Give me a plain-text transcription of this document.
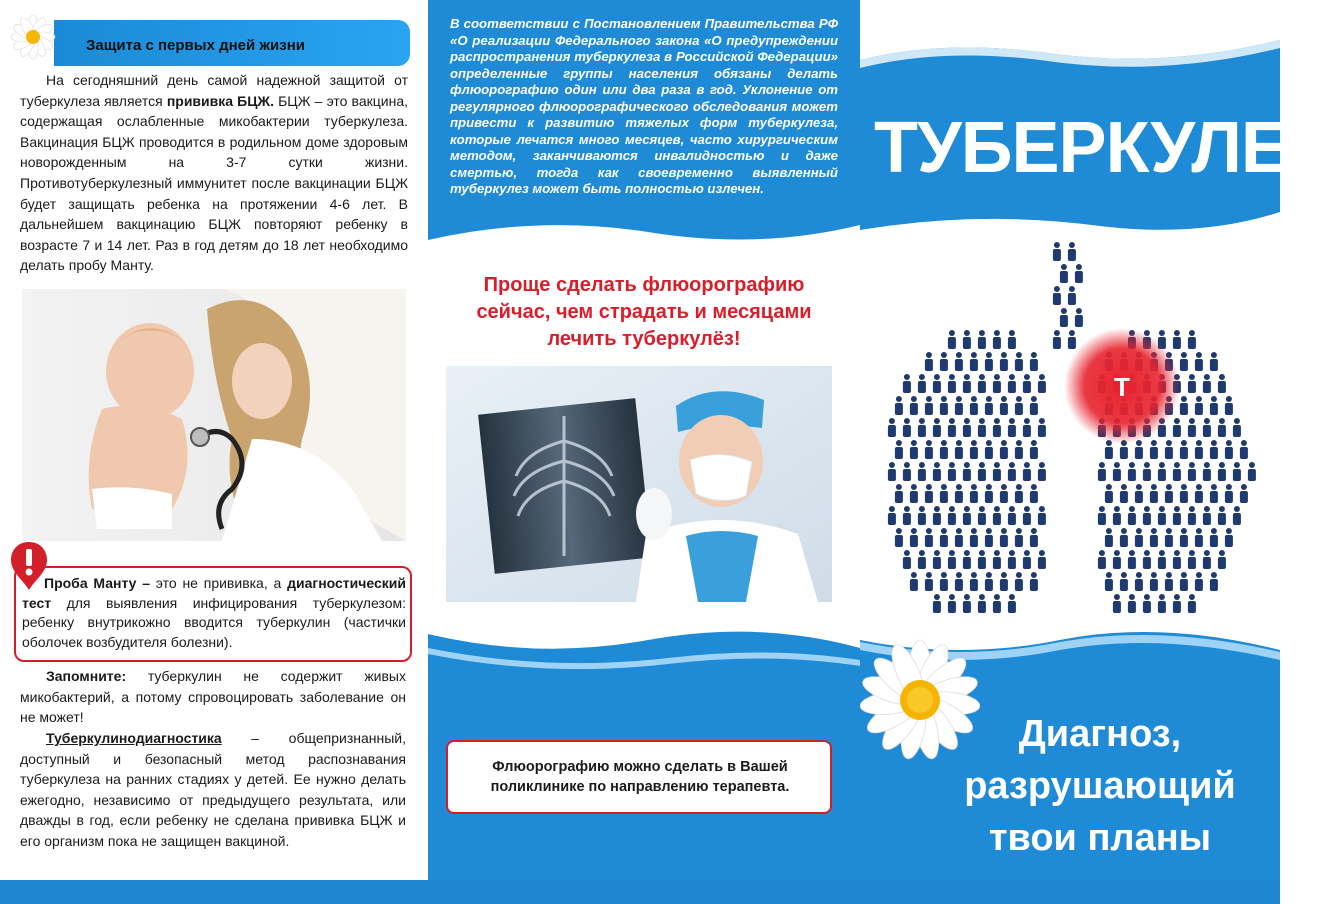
Защита с первых дней жизни
На сегодняшний день самой надежной защитой от туберкулеза является прививка БЦЖ. БЦЖ – это вакцина, содержащая ослабленные микобактерии туберкулеза. Вакцинация БЦЖ проводится в родильном доме здоровым новорожденным на 3-7 сутки жизни. Противотуберкулезный иммунитет после вакцинации БЦЖ будет защищать ребенка на протяжении 4-6 лет. В дальнейшем вакцинацию БЦЖ повторяют ребенку в возрасте 7 и 14 лет. Раз в год детям до 18 лет необходимо делать пробу Манту.
Проба Манту – это не прививка, а диагностический тест для выявления инфицирования туберкулезом: ребенку внутрикожно вводится туберкулин (частички оболочек возбудителя болезни).
Запомните: туберкулин не содержит живых микобактерий, а потому спровоцировать заболевание он не может!
Туберкулинодиагностика – общепризнанный, доступный и безопасный метод распознавания туберкулеза на ранних стадиях у детей. Ее нужно делать ежегодно, независимо от предыдущего результата, или дважды в год, если ребенку не сделана прививка БЦЖ и его организм пока не защищен вакциной.
В соответствии с Постановлением Правительства РФ «О реализации Федерального закона «О предупреждении распространения туберкулеза в Российской Федерации» определенные группы населения обязаны делать флюорографию один или два раза в год. Уклонение от регулярного флюорографического обследования может привести к развитию тяжелых форм туберкулеза, которые лечатся много месяцев, часто хирургическим методом, заканчиваются инвалидностью и даже смертью, тогда как своевременно выявленный туберкулез может быть полностью излечен.
Проще сделать флюорографию
сейчас, чем страдать и месяцами
лечить туберкулёз!
Флюорографию можно сделать в Вашей
поликлинике по направлению терапевта.
ТУБЕРКУЛЕЗ
Диагноз,
разрушающий
твои планы
Т
